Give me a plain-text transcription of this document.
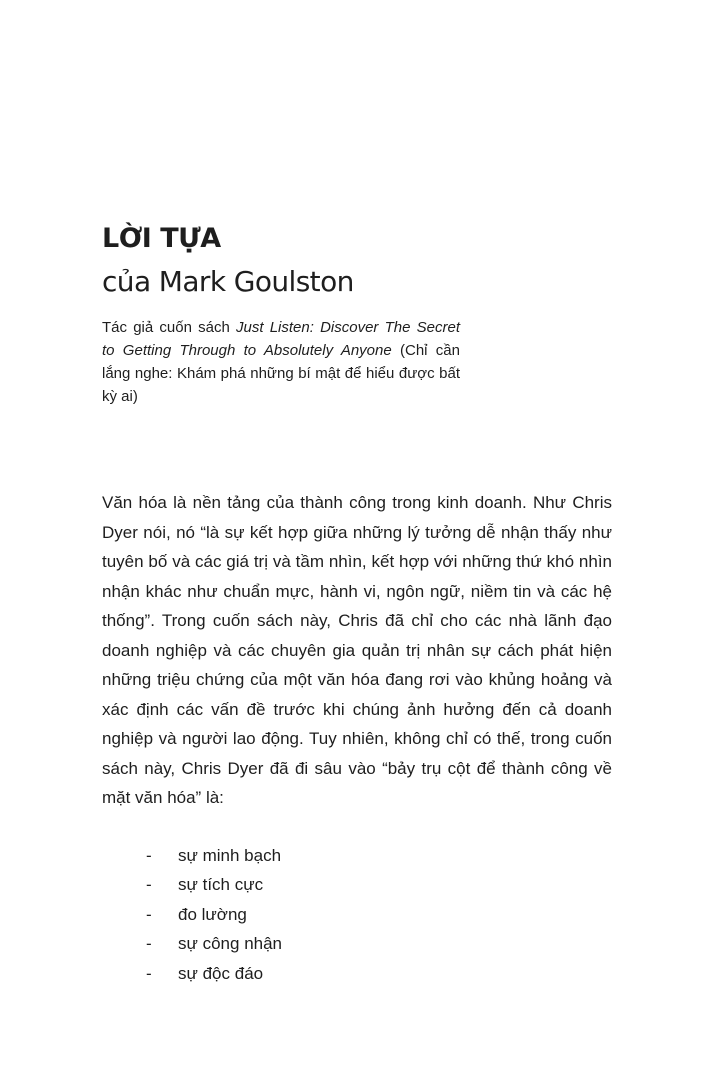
LỜI TỰA
của Mark Goulston

Tác giả cuốn sách Just Listen: Discover The Secret to Getting Through to Absolutely Anyone (Chỉ cần lắng nghe: Khám phá những bí mật để hiểu được bất kỳ ai)

Văn hóa là nền tảng của thành công trong kinh doanh. Như Chris Dyer nói, nó “là sự kết hợp giữa những lý tưởng dễ nhận thấy như tuyên bố và các giá trị và tầm nhìn, kết hợp với những thứ khó nhìn nhận khác như chuẩn mực, hành vi, ngôn ngữ, niềm tin và các hệ thống”. Trong cuốn sách này, Chris đã chỉ cho các nhà lãnh đạo doanh nghiệp và các chuyên gia quản trị nhân sự cách phát hiện những triệu chứng của một văn hóa đang rơi vào khủng hoảng và xác định các vấn đề trước khi chúng ảnh hưởng đến cả doanh nghiệp và người lao động. Tuy nhiên, không chỉ có thế, trong cuốn sách này, Chris Dyer đã đi sâu vào “bảy trụ cột để thành công về mặt văn hóa” là:

- sự minh bạch
- sự tích cực
- đo lường
- sự công nhận
- sự độc đáo
